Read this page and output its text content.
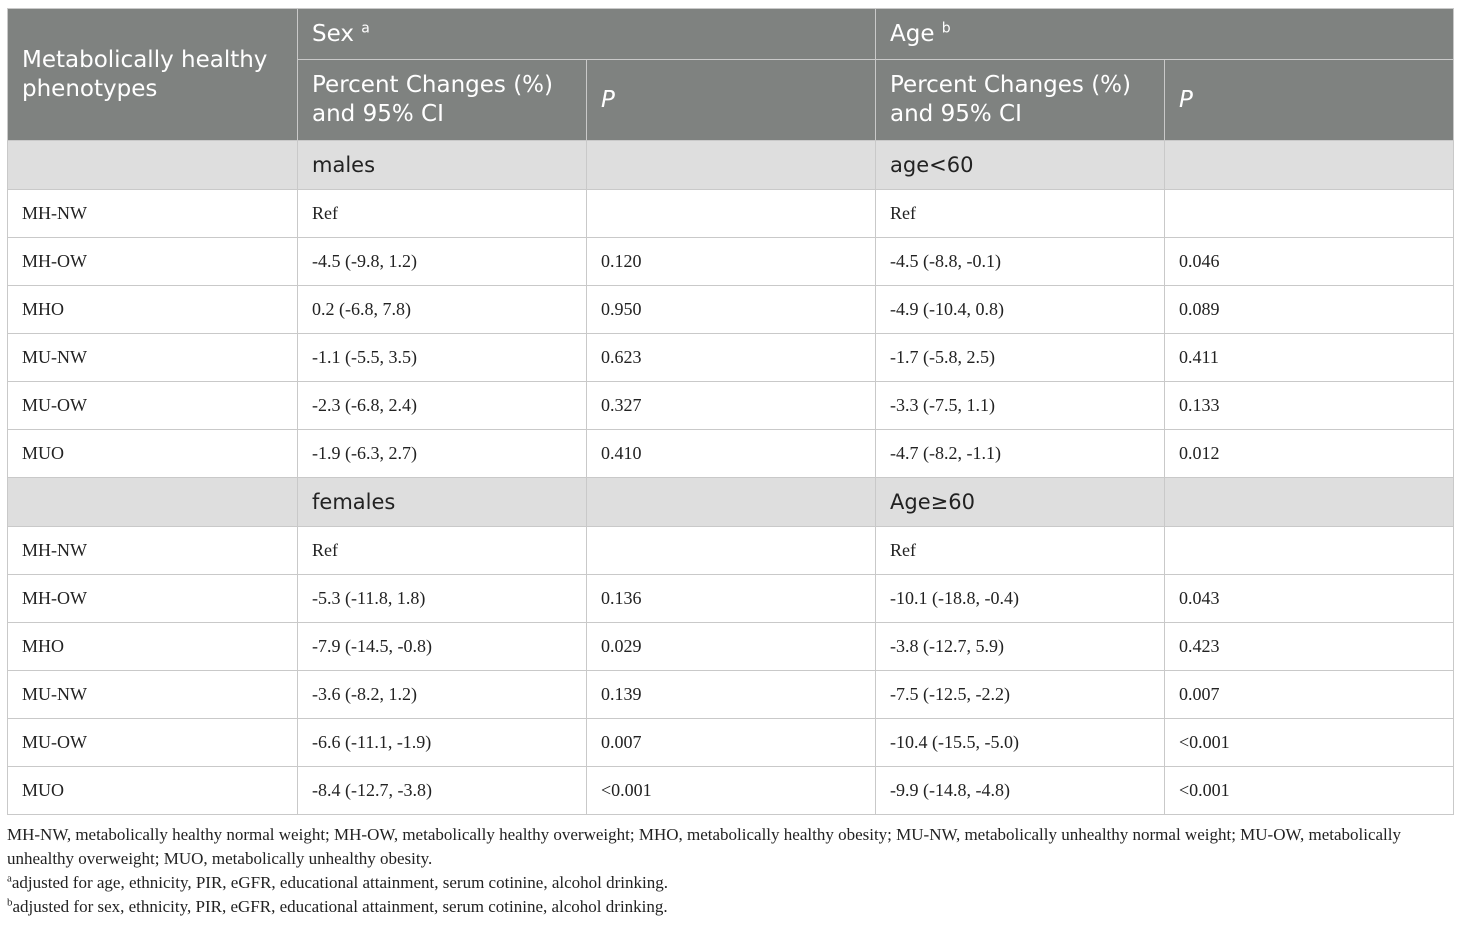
Metabolically healthy phenotypes	Sex $^a$		Age $^b$
	Percent Changes (%) and 95% CI	P	Percent Changes (%) and 95% CI	P
	males		age<60	
MH-NW	Ref		Ref	
MH-OW	-4.5 (-9.8, 1.2)	0.120	-4.5 (-8.8, -0.1)	0.046
MHO	0.2 (-6.8, 7.8)	0.950	-4.9 (-10.4, 0.8)	0.089
MU-NW	-1.1 (-5.5, 3.5)	0.623	-1.7 (-5.8, 2.5)	0.411
MU-OW	-2.3 (-6.8, 2.4)	0.327	-3.3 (-7.5, 1.1)	0.133
MUO	-1.9 (-6.3, 2.7)	0.410	-4.7 (-8.2, -1.1)	0.012
	females		Age≥60	
MH-NW	Ref		Ref	
MH-OW	-5.3 (-11.8, 1.8)	0.136	-10.1 (-18.8, -0.4)	0.043
MHO	-7.9 (-14.5, -0.8)	0.029	-3.8 (-12.7, 5.9)	0.423
MU-NW	-3.6 (-8.2, 1.2)	0.139	-7.5 (-12.5, -2.2)	0.007
MU-OW	-6.6 (-11.1, -1.9)	0.007	-10.4 (-15.5, -5.0)	<0.001
MUO	-8.4 (-12.7, -3.8)	<0.001	-9.9 (-14.8, -4.8)	<0.001

MH-NW, metabolically healthy normal weight; MH-OW, metabolically healthy overweight; MHO, metabolically healthy obesity; MU-NW, metabolically unhealthy normal weight; MU-OW, metabolically unhealthy overweight; MUO, metabolically unhealthy obesity.

$^a$adjusted for age, ethnicity, PIR, eGFR, educational attainment, serum cotinine, alcohol drinking.

$^b$adjusted for sex, ethnicity, PIR, eGFR, educational attainment, serum cotinine, alcohol drinking.
